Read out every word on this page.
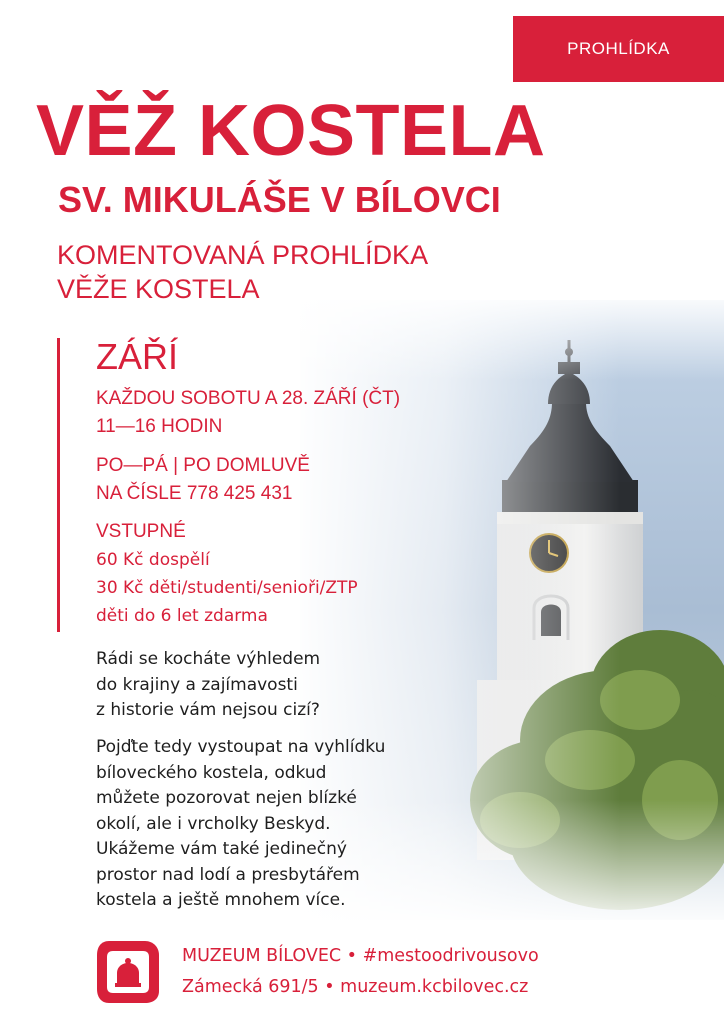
PROHLÍDKA
VĚŽ KOSTELA
SV. MIKULÁŠE V BÍLOVCI

KOMENTOVANÁ PROHLÍDKA
VĚŽE KOSTELA

ZÁŘÍ
KAŽDOU SOBOTU A 28. ZÁŘÍ (ČT)
11—16 HODIN
PO—PÁ | PO DOMLUVĚ
NA ČÍSLE 778 425 431
VSTUPNÉ
60 Kč dospělí
30 Kč děti/studenti/senioři/ZTP
děti do 6 let zdarma
Rádi se kocháte výhledem
do krajiny a zajímavosti
z historie vám nejsou cizí?
Pojďte tedy vystoupat na vyhlídku
bíloveckého kostela, odkud
můžete pozorovat nejen blízké
okolí, ale i vrcholky Beskyd.
Ukážeme vám také jedinečný
prostor nad lodí a presbytářem
kostela a ještě mnohem více.
MUZEUM BÍLOVEC • #mestoodrivousovo
Zámecká 691/5 • muzeum.kcbilovec.cz
